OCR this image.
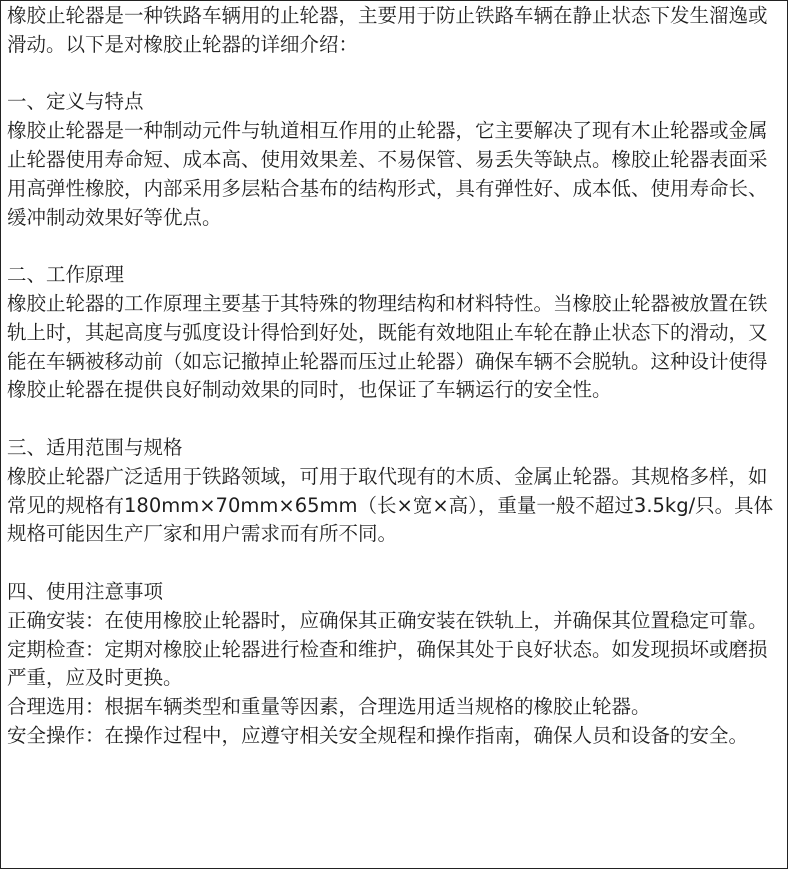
橡胶止轮器是一种铁路车辆用的止轮器，主要用于防止铁路车辆在静止状态下发生溜逸或滑动。以下是对橡胶止轮器的详细介绍：

一、定义与特点

橡胶止轮器是一种制动元件与轨道相互作用的止轮器，它主要解决了现有木止轮器或金属止轮器使用寿命短、成本高、使用效果差、不易保管、易丢失等缺点。橡胶止轮器表面采用高弹性橡胶，内部采用多层粘合基布的结构形式，具有弹性好、成本低、使用寿命长、缓冲制动效果好等优点。

二、工作原理

橡胶止轮器的工作原理主要基于其特殊的物理结构和材料特性。当橡胶止轮器被放置在铁轨上时，其起高度与弧度设计得恰到好处，既能有效地阻止车轮在静止状态下的滑动，又能在车辆被移动前（如忘记撤掉止轮器而压过止轮器）确保车辆不会脱轨。这种设计使得橡胶止轮器在提供良好制动效果的同时，也保证了车辆运行的安全性。

三、适用范围与规格

橡胶止轮器广泛适用于铁路领域，可用于取代现有的木质、金属止轮器。其规格多样，如常见的规格有180mm×70mm×65mm（长×宽×高），重量一般不超过3.5kg/只。具体规格可能因生产厂家和用户需求而有所不同。

四、使用注意事项

正确安装：在使用橡胶止轮器时，应确保其正确安装在铁轨上，并确保其位置稳定可靠。

定期检查：定期对橡胶止轮器进行检查和维护，确保其处于良好状态。如发现损坏或磨损严重，应及时更换。

合理选用：根据车辆类型和重量等因素，合理选用适当规格的橡胶止轮器。

安全操作：在操作过程中，应遵守相关安全规程和操作指南，确保人员和设备的安全。
